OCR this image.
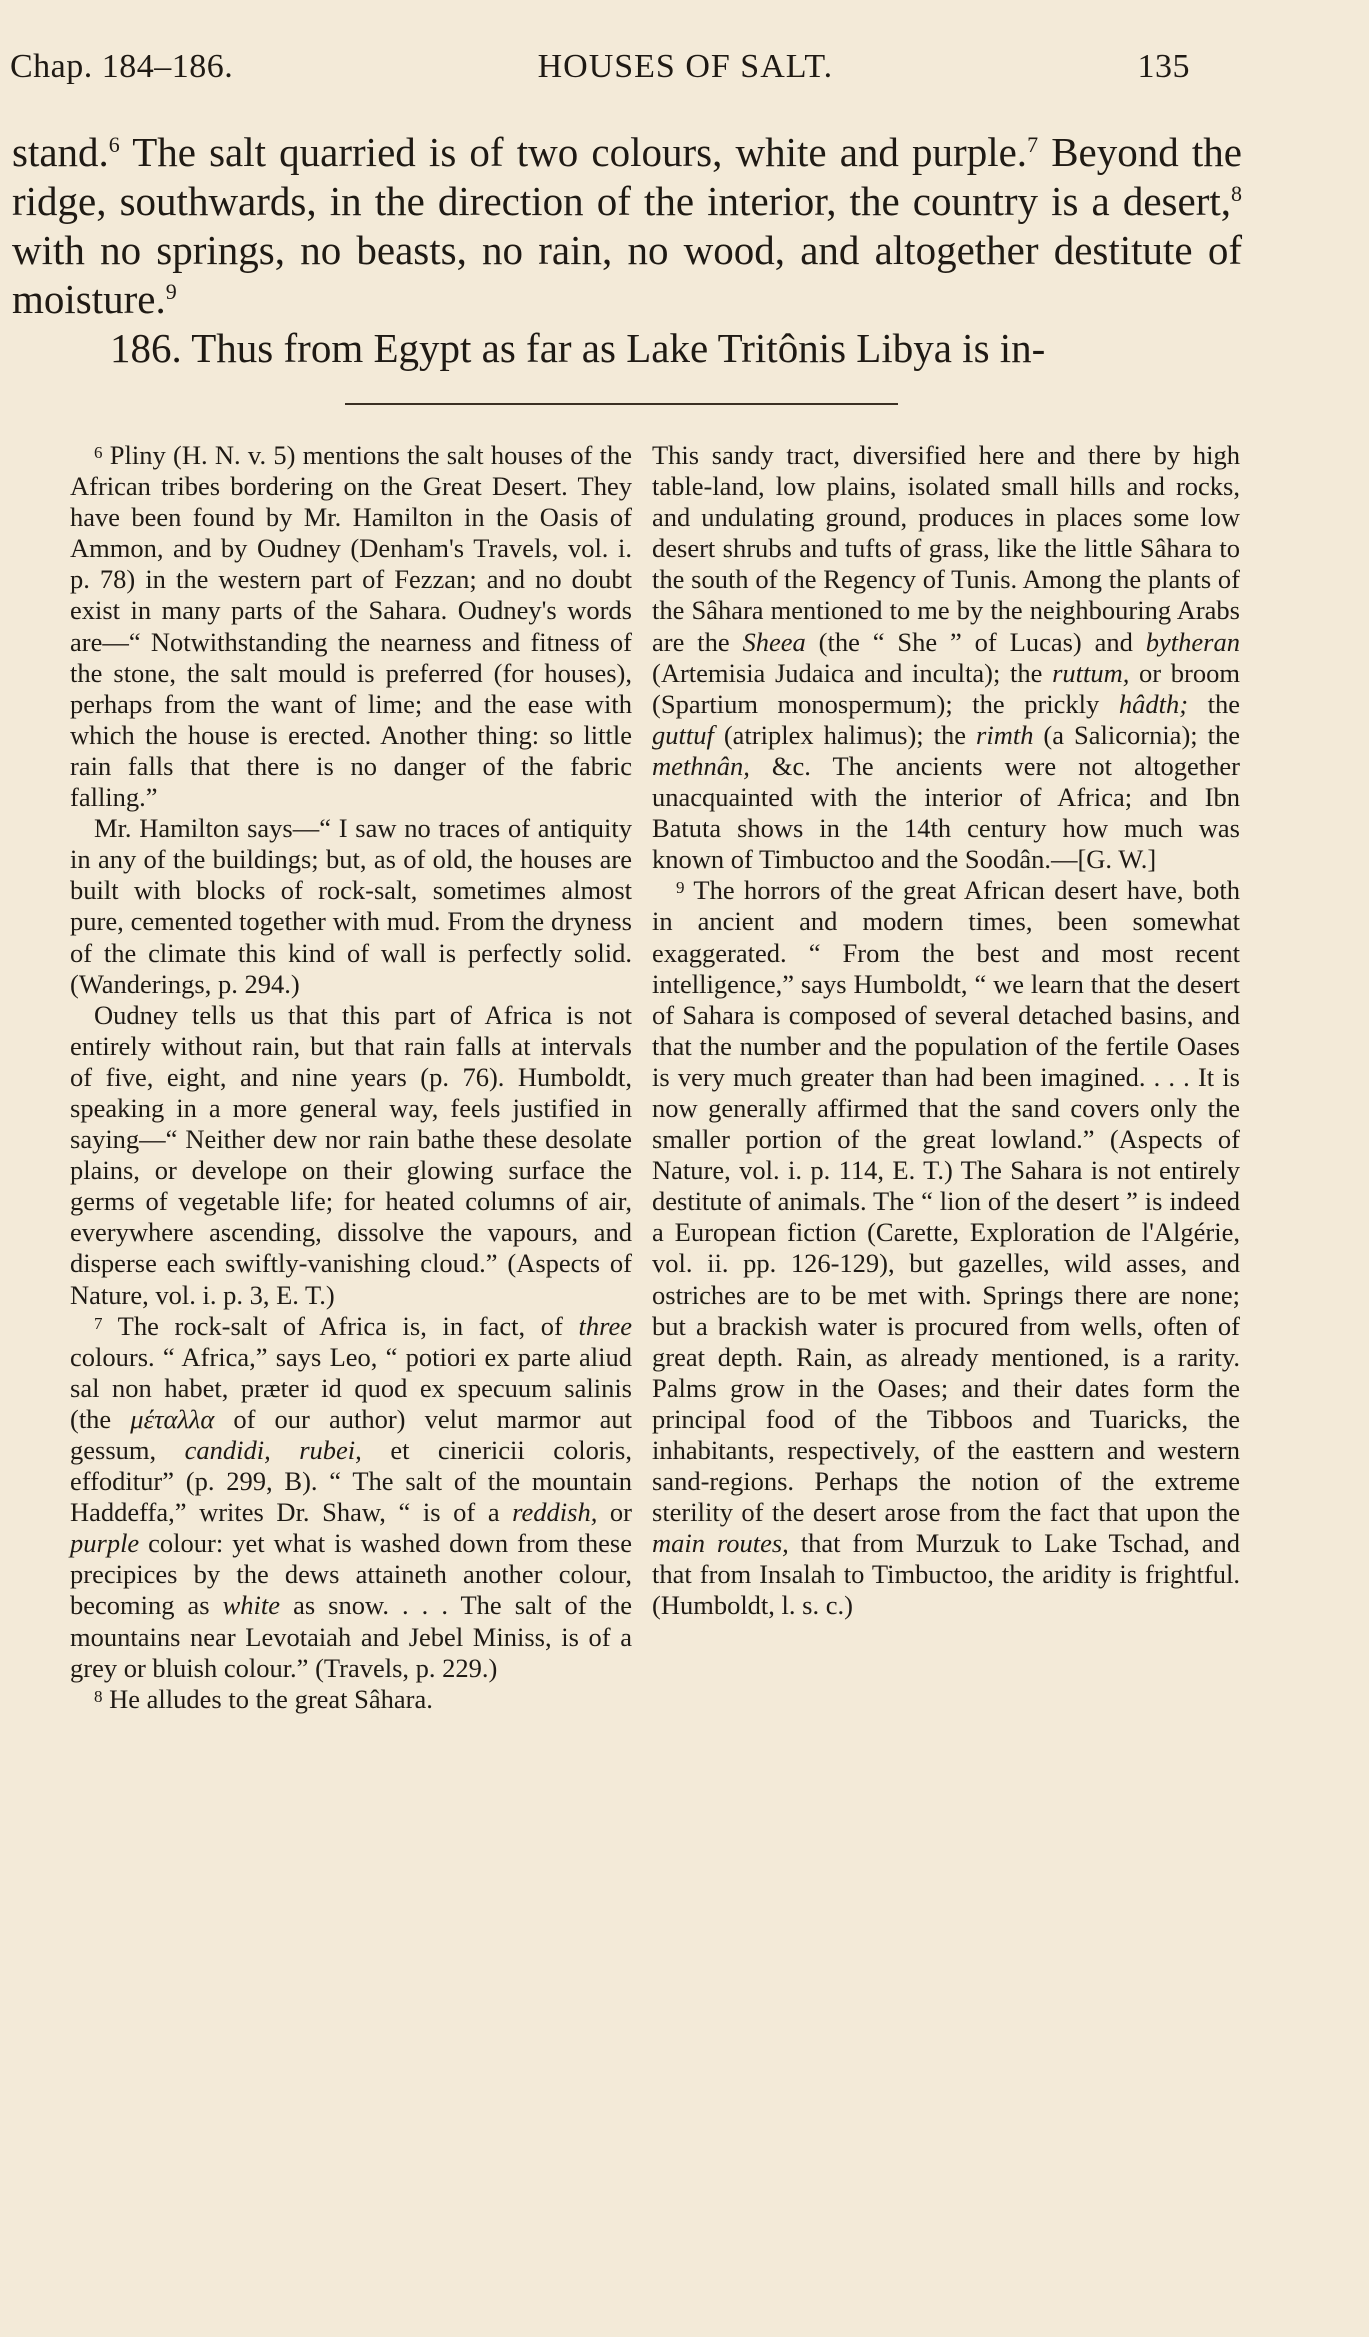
Chap. 184–186.	HOUSES OF SALT.	135

stand.$^6$ The salt quarried is of two colours, white and purple.$^7$ Beyond the ridge, southwards, in the direction of the interior, the country is a desert,$^8$ with no springs, no beasts, no rain, no wood, and altogether destitute of moisture.$^9$

186. Thus from Egypt as far as Lake Tritônis Libya is in-

$^6$ Pliny (H. N. v. 5) mentions the salt houses of the African tribes bordering on the Great Desert. They have been found by Mr. Hamilton in the Oasis of Ammon, and by Oudney (Denham's Travels, vol. i. p. 78) in the western part of Fezzan; and no doubt exist in many parts of the Sahara. Oudney's words are—“ Notwithstanding the nearness and fitness of the stone, the salt mould is preferred (for houses), perhaps from the want of lime; and the ease with which the house is erected. Another thing: so little rain falls that there is no danger of the fabric falling.”

Mr. Hamilton says—“ I saw no traces of antiquity in any of the buildings; but, as of old, the houses are built with blocks of rock-salt, sometimes almost pure, cemented together with mud. From the dryness of the climate this kind of wall is perfectly solid. (Wanderings, p. 294.)

Oudney tells us that this part of Africa is not entirely without rain, but that rain falls at intervals of five, eight, and nine years (p. 76). Humboldt, speaking in a more general way, feels justified in saying—“ Neither dew nor rain bathe these desolate plains, or develope on their glowing surface the germs of vegetable life; for heated columns of air, everywhere ascending, dissolve the vapours, and disperse each swiftly-vanishing cloud.” (Aspects of Nature, vol. i. p. 3, E. T.)

$^7$ The rock-salt of Africa is, in fact, of three colours. “ Africa,” says Leo, “ potiori ex parte aliud sal non habet, præter id quod ex specuum salinis (the μέταλλα of our author) velut marmor aut gessum, candidi, rubei, et cinericii coloris, effoditur” (p. 299, B). “ The salt of the mountain Haddeffa,” writes Dr. Shaw, “ is of a reddish, or purple colour: yet what is washed down from these precipices by the dews attaineth another colour, becoming as white as snow. . . . The salt of the mountains near Levotaiah and Jebel Miniss, is of a grey or bluish colour.” (Travels, p. 229.)

$^8$ He alludes to the great Sâhara.

This sandy tract, diversified here and there by high table-land, low plains, isolated small hills and rocks, and undulating ground, produces in places some low desert shrubs and tufts of grass, like the little Sâhara to the south of the Regency of Tunis. Among the plants of the Sâhara mentioned to me by the neighbouring Arabs are the Sheea (the “ She ” of Lucas) and bytheran (Artemisia Judaica and inculta); the ruttum, or broom (Spartium monospermum); the prickly hâdth; the guttuf (atriplex halimus); the rimth (a Salicornia); the methnân, &c. The ancients were not altogether unacquainted with the interior of Africa; and Ibn Batuta shows in the 14th century how much was known of Timbuctoo and the Soodân.—[G. W.]

$^9$ The horrors of the great African desert have, both in ancient and modern times, been somewhat exaggerated. “ From the best and most recent intelligence,” says Humboldt, “ we learn that the desert of Sahara is composed of several detached basins, and that the number and the population of the fertile Oases is very much greater than had been imagined. . . . It is now generally affirmed that the sand covers only the smaller portion of the great lowland.” (Aspects of Nature, vol. i. p. 114, E. T.) The Sahara is not entirely destitute of animals. The “ lion of the desert ” is indeed a European fiction (Carette, Exploration de l'Algérie, vol. ii. pp. 126-129), but gazelles, wild asses, and ostriches are to be met with. Springs there are none; but a brackish water is procured from wells, often of great depth. Rain, as already mentioned, is a rarity. Palms grow in the Oases; and their dates form the principal food of the Tibboos and Tuaricks, the inhabitants, respectively, of the easttern and western sand-regions. Perhaps the notion of the extreme sterility of the desert arose from the fact that upon the main routes, that from Murzuk to Lake Tschad, and that from Insalah to Timbuctoo, the aridity is frightful. (Humboldt, l. s. c.)
